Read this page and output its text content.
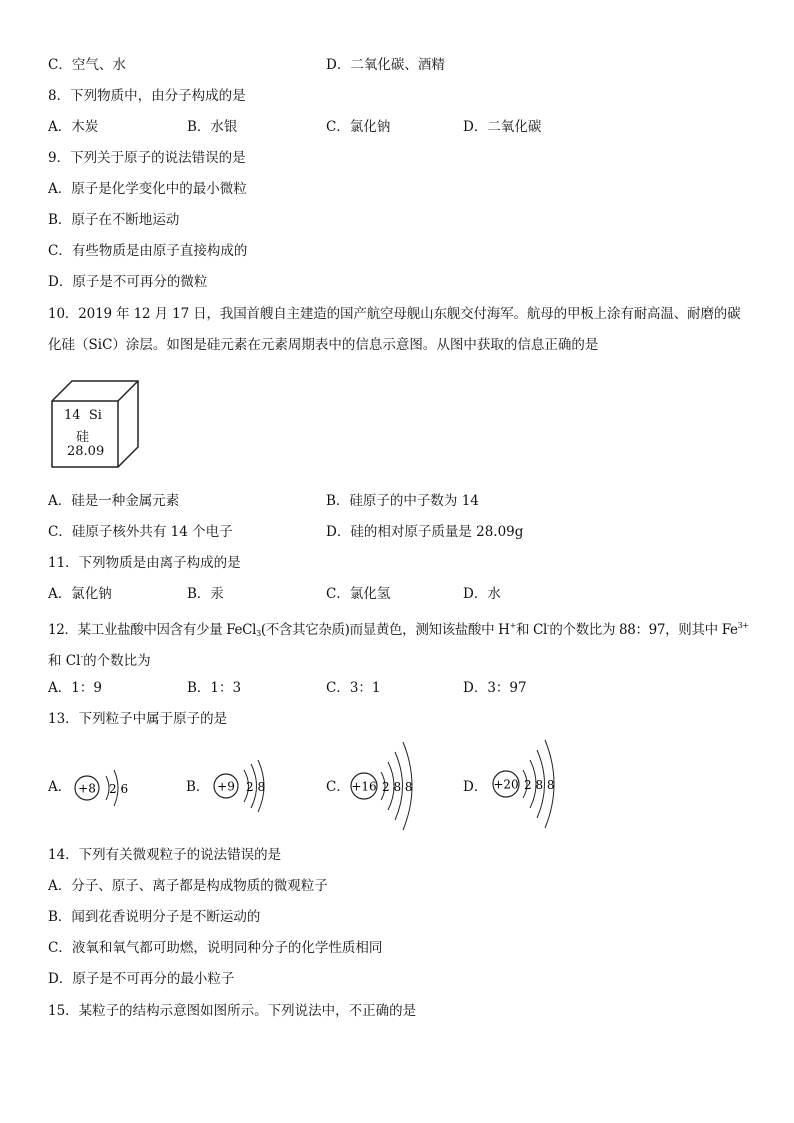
C．空气、水	D．二氧化碳、酒精
8．下列物质中，由分子构成的是
A．木炭	B．水银	C．氯化钠	D．二氧化碳
9．下列关于原子的说法错误的是
A．原子是化学变化中的最小微粒
B．原子在不断地运动
C．有些物质是由原子直接构成的
D．原子是不可再分的微粒
10．2019 年 12 月 17 日，我国首艘自主建造的国产航空母舰山东舰交付海军。航母的甲板上涂有耐高温、耐磨的碳
化硅（SiC）涂层。如图是硅元素在元素周期表中的信息示意图。从图中获取的信息正确的是
14 Si
硅
28.09
A．硅是一种金属元素	B．硅原子的中子数为 14
C．硅原子核外共有 14 个电子	D．硅的相对原子质量是 28.09g
11．下列物质是由离子构成的是
A．氯化钠	B．汞	C．氯化氢	D．水
12．某工业盐酸中因含有少量 FeCl$_3$(不含其它杂质)而显黄色，测知该盐酸中 H+和 Cl-的个数比为 88：97，则其中 $Fe^{3+}$
和 Cl-的个数比为
A．1：9	B．1：3	C．3：1	D．3：97
13．下列粒子中属于原子的是
A．	B．	C．	D．
+8 2 6	+9 2 8	+16 2 8 8	+20 2 8 8
14．下列有关微观粒子的说法错误的是
A．分子、原子、离子都是构成物质的微观粒子
B．闻到花香说明分子是不断运动的
C．液氧和氧气都可助燃，说明同种分子的化学性质相同
D．原子是不可再分的最小粒子
15．某粒子的结构示意图如图所示。下列说法中，不正确的是
